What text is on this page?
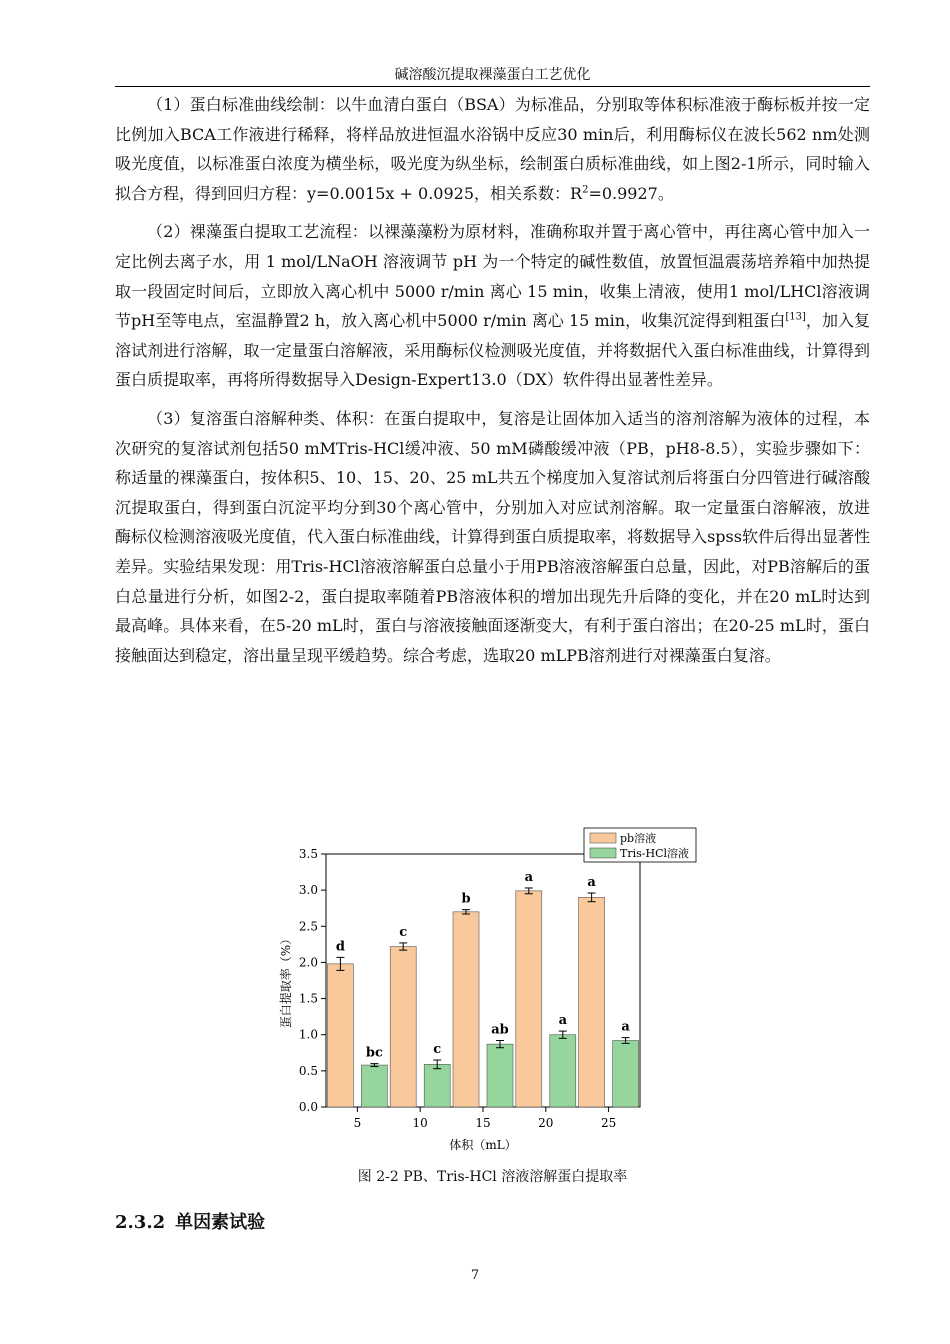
碱溶酸沉提取裸藻蛋白工艺优化

（1）蛋白标准曲线绘制：以牛血清白蛋白（BSA）为标准品，分别取等体积标准液于酶标板并按一定比例加入BCA工作液进行稀释，将样品放进恒温水浴锅中反应30 min后，利用酶标仪在波长562 nm处测吸光度值，以标准蛋白浓度为横坐标，吸光度为纵坐标，绘制蛋白质标准曲线，如上图2-1所示，同时输入拟合方程，得到回归方程：y=0.0015x + 0.0925，相关系数：$R^2=0.9927$。

（2）裸藻蛋白提取工艺流程：以裸藻藻粉为原材料，准确称取并置于离心管中，再往离心管中加入一定比例去离子水，用 1 mol/LNaOH 溶液调节 pH 为一个特定的碱性数值，放置恒温震荡培养箱中加热提取一段固定时间后，立即放入离心机中 5000 r/min 离心 15 min，收集上清液，使用1 mol/LHCl溶液调节pH至等电点，室温静置2 h，放入离心机中5000 r/min 离心 15 min，收集沉淀得到粗蛋白[13]，加入复溶试剂进行溶解，取一定量蛋白溶解液，采用酶标仪检测吸光度值，并将数据代入蛋白标准曲线，计算得到蛋白质提取率，再将所得数据导入Design-Expert13.0（DX）软件得出显著性差异。

（3）复溶蛋白溶解种类、体积：在蛋白提取中，复溶是让固体加入适当的溶剂溶解为液体的过程，本次研究的复溶试剂包括50 mMTris-HCl缓冲液、50 mM磷酸缓冲液（PB，pH8-8.5），实验步骤如下：称适量的裸藻蛋白，按体积5、10、15、20、25 mL共五个梯度加入复溶试剂后将蛋白分四管进行碱溶酸沉提取蛋白，得到蛋白沉淀平均分到30个离心管中，分别加入对应试剂溶解。取一定量蛋白溶解液，放进酶标仪检测溶液吸光度值，代入蛋白标准曲线，计算得到蛋白质提取率，将数据导入spss软件后得出显著性差异。实验结果发现：用Tris-HCl溶液溶解蛋白总量小于用PB溶液溶解蛋白总量，因此，对PB溶解后的蛋白总量进行分析，如图2-2，蛋白提取率随着PB溶液体积的增加出现先升后降的变化，并在20 mL时达到最高峰。具体来看，在5-20 mL时，蛋白与溶液接触面逐渐变大，有利于蛋白溶出；在20-25 mL时，蛋白接触面达到稳定，溶出量呈现平缓趋势。综合考虑，选取20 mLPB溶剂进行对裸藻蛋白复溶。

0.0
0.5
1.0
1.5
2.0
2.5
3.0
3.5
5	10	15	20	25
d
c
b
a	a
bc	c
ab
a	a
体积（mL）
蛋白提取率（%）
pb溶液
Tris-HCl溶液
图 2-2 PB、Tris-HCl 溶液溶解蛋白提取率
2.3.2 单因素试验
7
